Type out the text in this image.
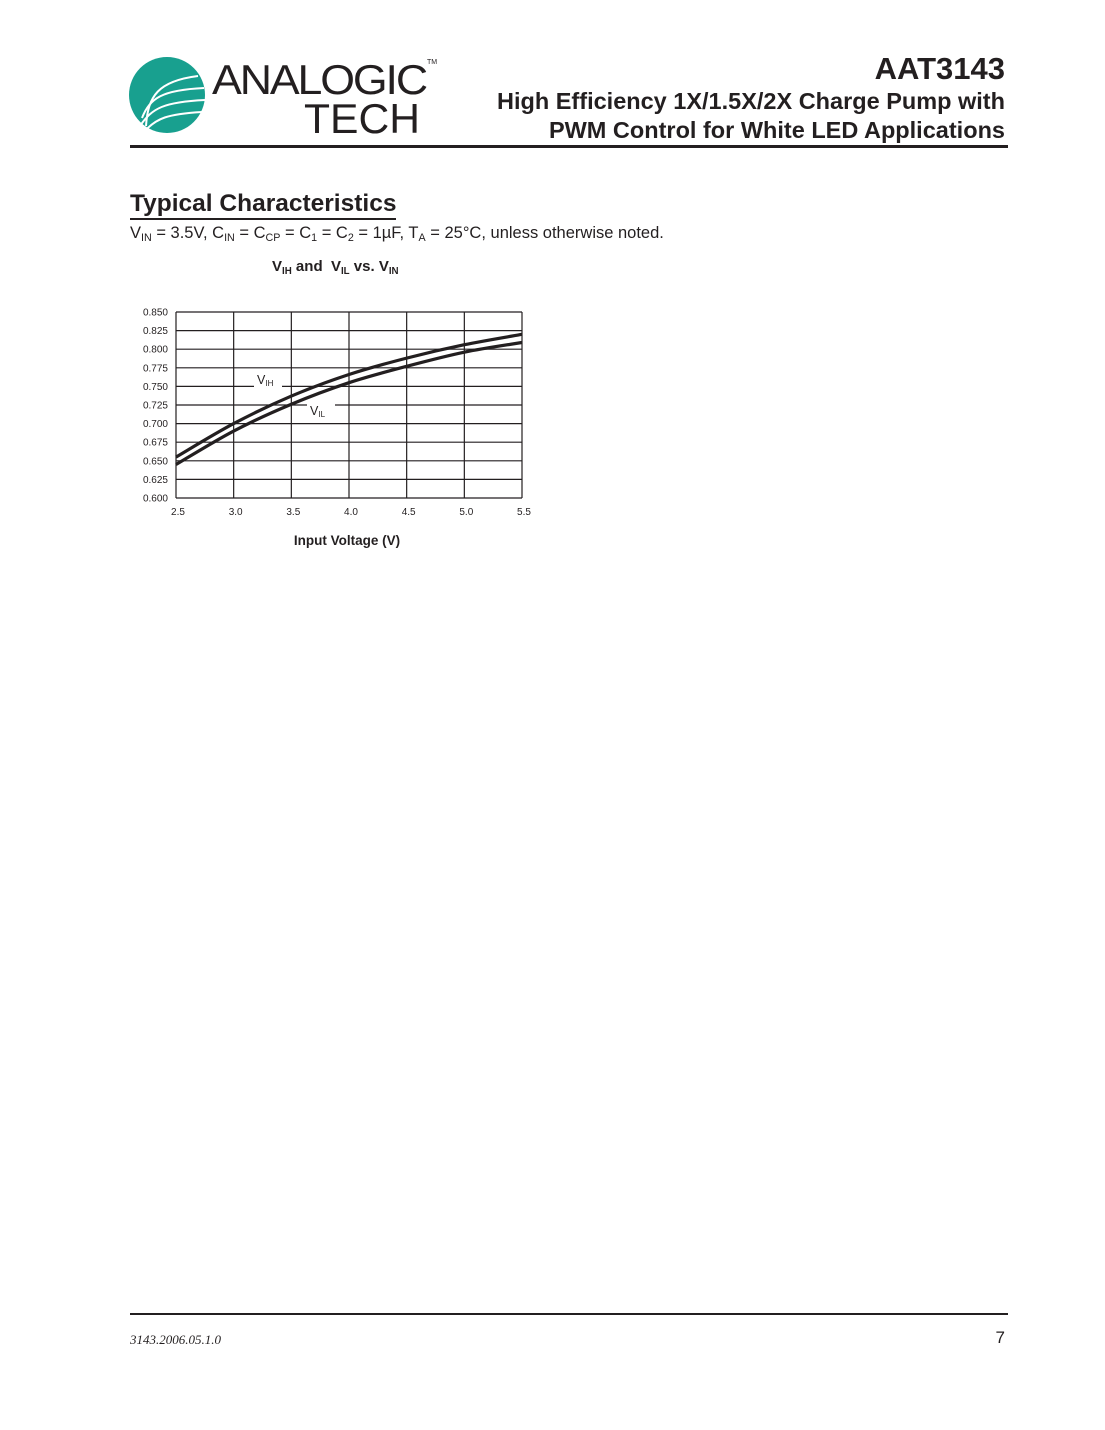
ANALOGIC
TECH
TM	AAT3143
High Efficiency 1X/1.5X/2X Charge Pump with
PWM Control for White LED Applications
Typical Characteristics
$V_{IN} = 3.5V$, $C_{IN} = C_{CP} = C_1 = C_2 = 1\mu F$, $T_A = 25^\circ C$, unless otherwise noted.
$V_{IH}$ and  $V_{IL}$ vs. $V_{IN}$
0.850
0.825
0.800
0.775
0.750
0.725
0.700
0.675
0.650
0.625
0.600
2.5	3.0	3.5	4.0	4.5	5.0	5.5
VIH
VIL
Input Voltage (V)
3143.2006.05.1.0	7
